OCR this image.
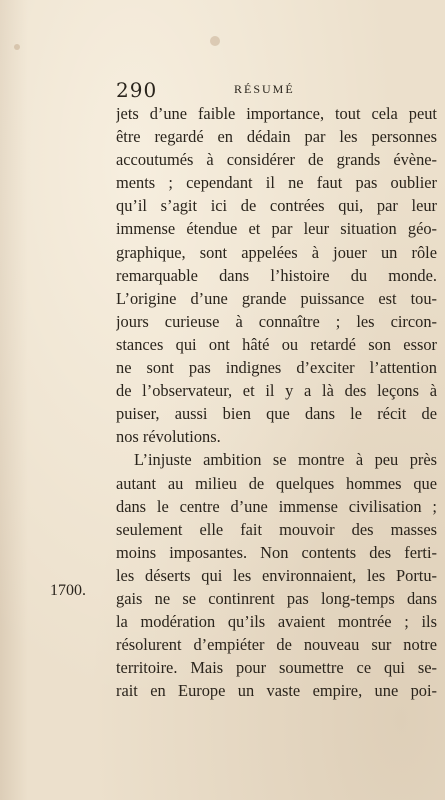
290	RÉSUMÉ
1700.
jets d’une faible importance, tout cela peut
être regardé en dédain par les personnes
accoutumés à considérer de grands évène-
ments ; cependant il ne faut pas oublier
qu’il s’agit ici de contrées qui, par leur
immense étendue et par leur situation géo-
graphique, sont appelées à jouer un rôle
remarquable dans l’histoire du monde.
L’origine d’une grande puissance est tou-
jours curieuse à connaître ; les circon-
stances qui ont hâté ou retardé son essor
ne sont pas indignes d’exciter l’attention
de l’observateur, et il y a là des leçons à
puiser, aussi bien que dans le récit de
nos révolutions.
L’injuste ambition se montre à peu près
autant au milieu de quelques hommes que
dans le centre d’une immense civilisation ;
seulement elle fait mouvoir des masses
moins imposantes. Non contents des ferti-
les déserts qui les environnaient, les Portu-
gais ne se continrent pas long-temps dans
la modération qu’ils avaient montrée ; ils
résolurent d’empiéter de nouveau sur notre
territoire. Mais pour soumettre ce qui se-
rait en Europe un vaste empire, une poi-
